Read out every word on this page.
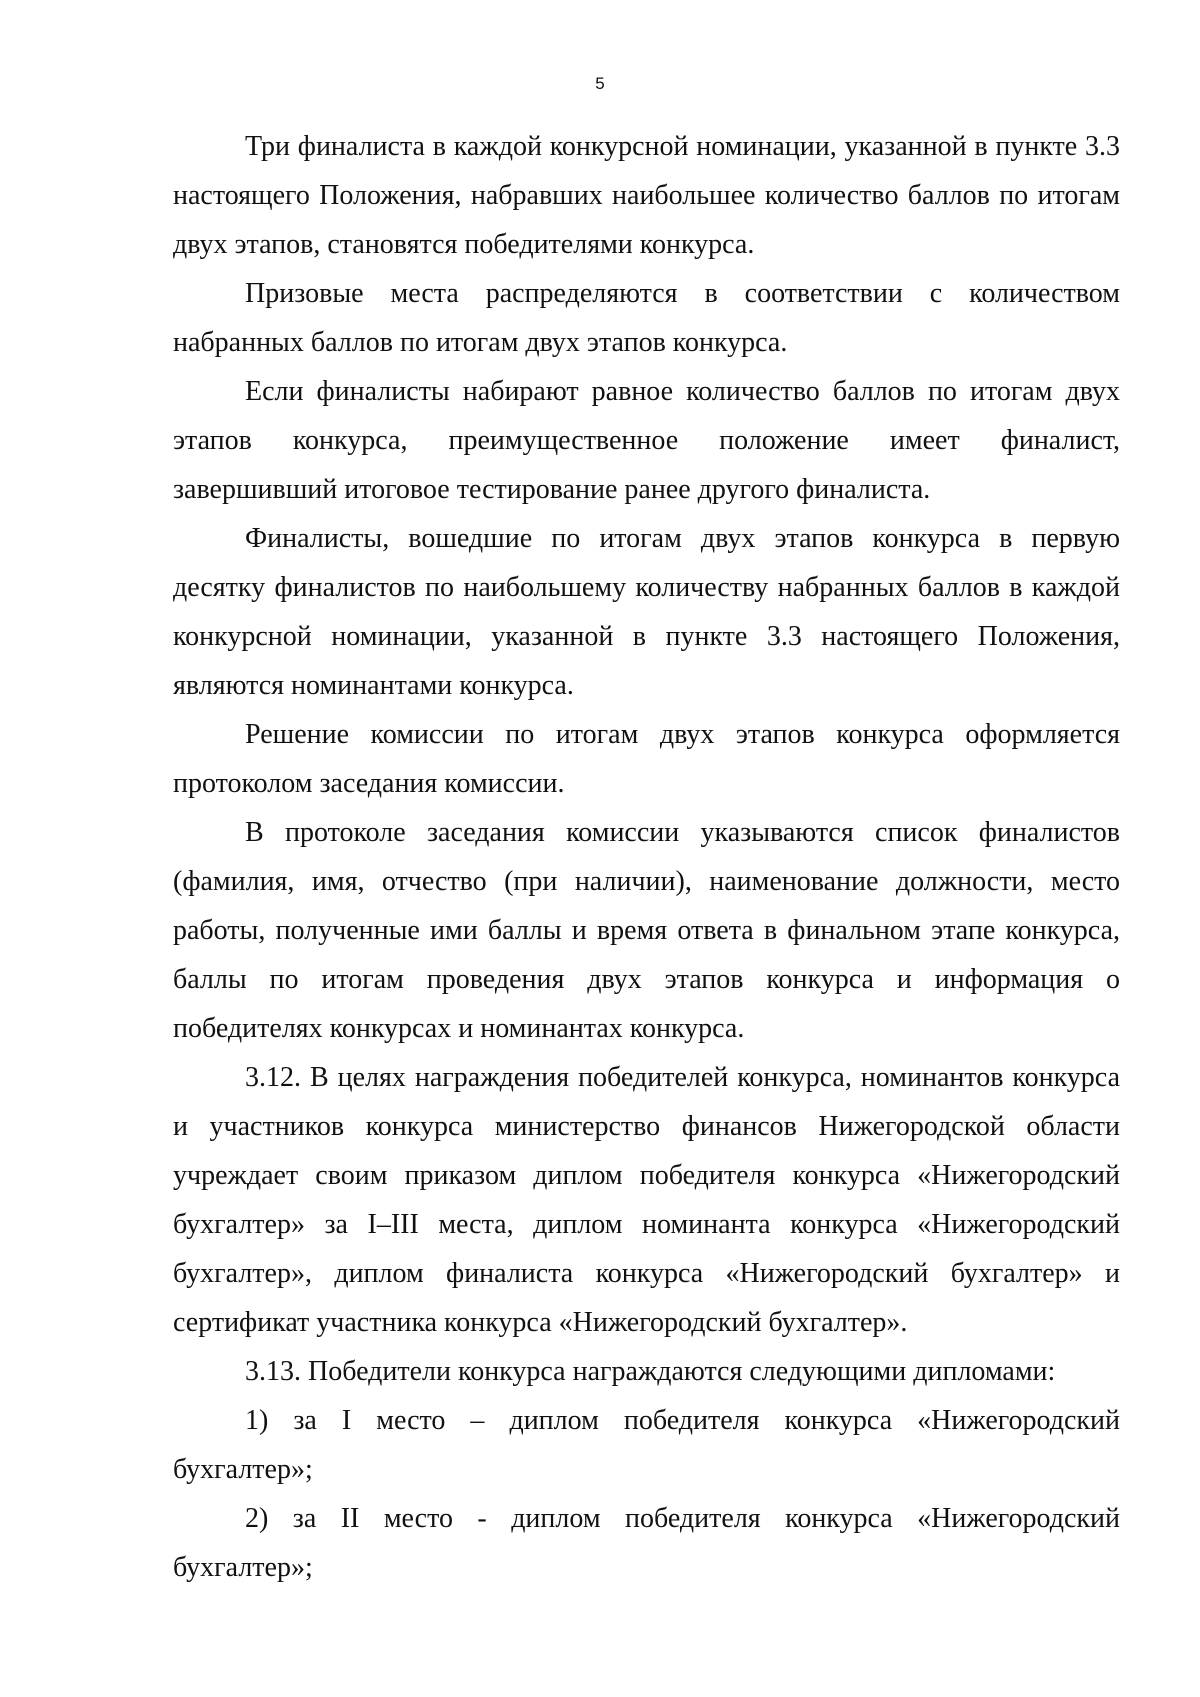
5

Три финалиста в каждой конкурсной номинации, указанной в пункте 3.3 настоящего Положения, набравших наибольшее количество баллов по итогам двух этапов, становятся победителями конкурса.

Призовые места распределяются в соответствии с количеством набранных баллов по итогам двух этапов конкурса.

Если финалисты набирают равное количество баллов по итогам двух этапов конкурса, преимущественное положение имеет финалист, завершивший итоговое тестирование ранее другого финалиста.

Финалисты, вошедшие по итогам двух этапов конкурса в первую десятку финалистов по наибольшему количеству набранных баллов в каждой конкурсной номинации, указанной в пункте 3.3 настоящего Положения, являются номинантами конкурса.

Решение комиссии по итогам двух этапов конкурса оформляется протоколом заседания комиссии.

В протоколе заседания комиссии указываются список финалистов (фамилия, имя, отчество (при наличии), наименование должности, место работы, полученные ими баллы и время ответа в финальном этапе конкурса, баллы по итогам проведения двух этапов конкурса и информация о победителях конкурсах и номинантах конкурса.

3.12. В целях награждения победителей конкурса, номинантов конкурса и участников конкурса министерство финансов Нижегородской области учреждает своим приказом диплом победителя конкурса «Нижегородский бухгалтер» за I–III места, диплом номинанта конкурса «Нижегородский бухгалтер», диплом финалиста конкурса «Нижегородский бухгалтер» и сертификат участника конкурса «Нижегородский бухгалтер».

3.13. Победители конкурса награждаются следующими дипломами:

1) за I место – диплом победителя конкурса «Нижегородский бухгалтер»;

2) за II место - диплом победителя конкурса «Нижегородский бухгалтер»;
